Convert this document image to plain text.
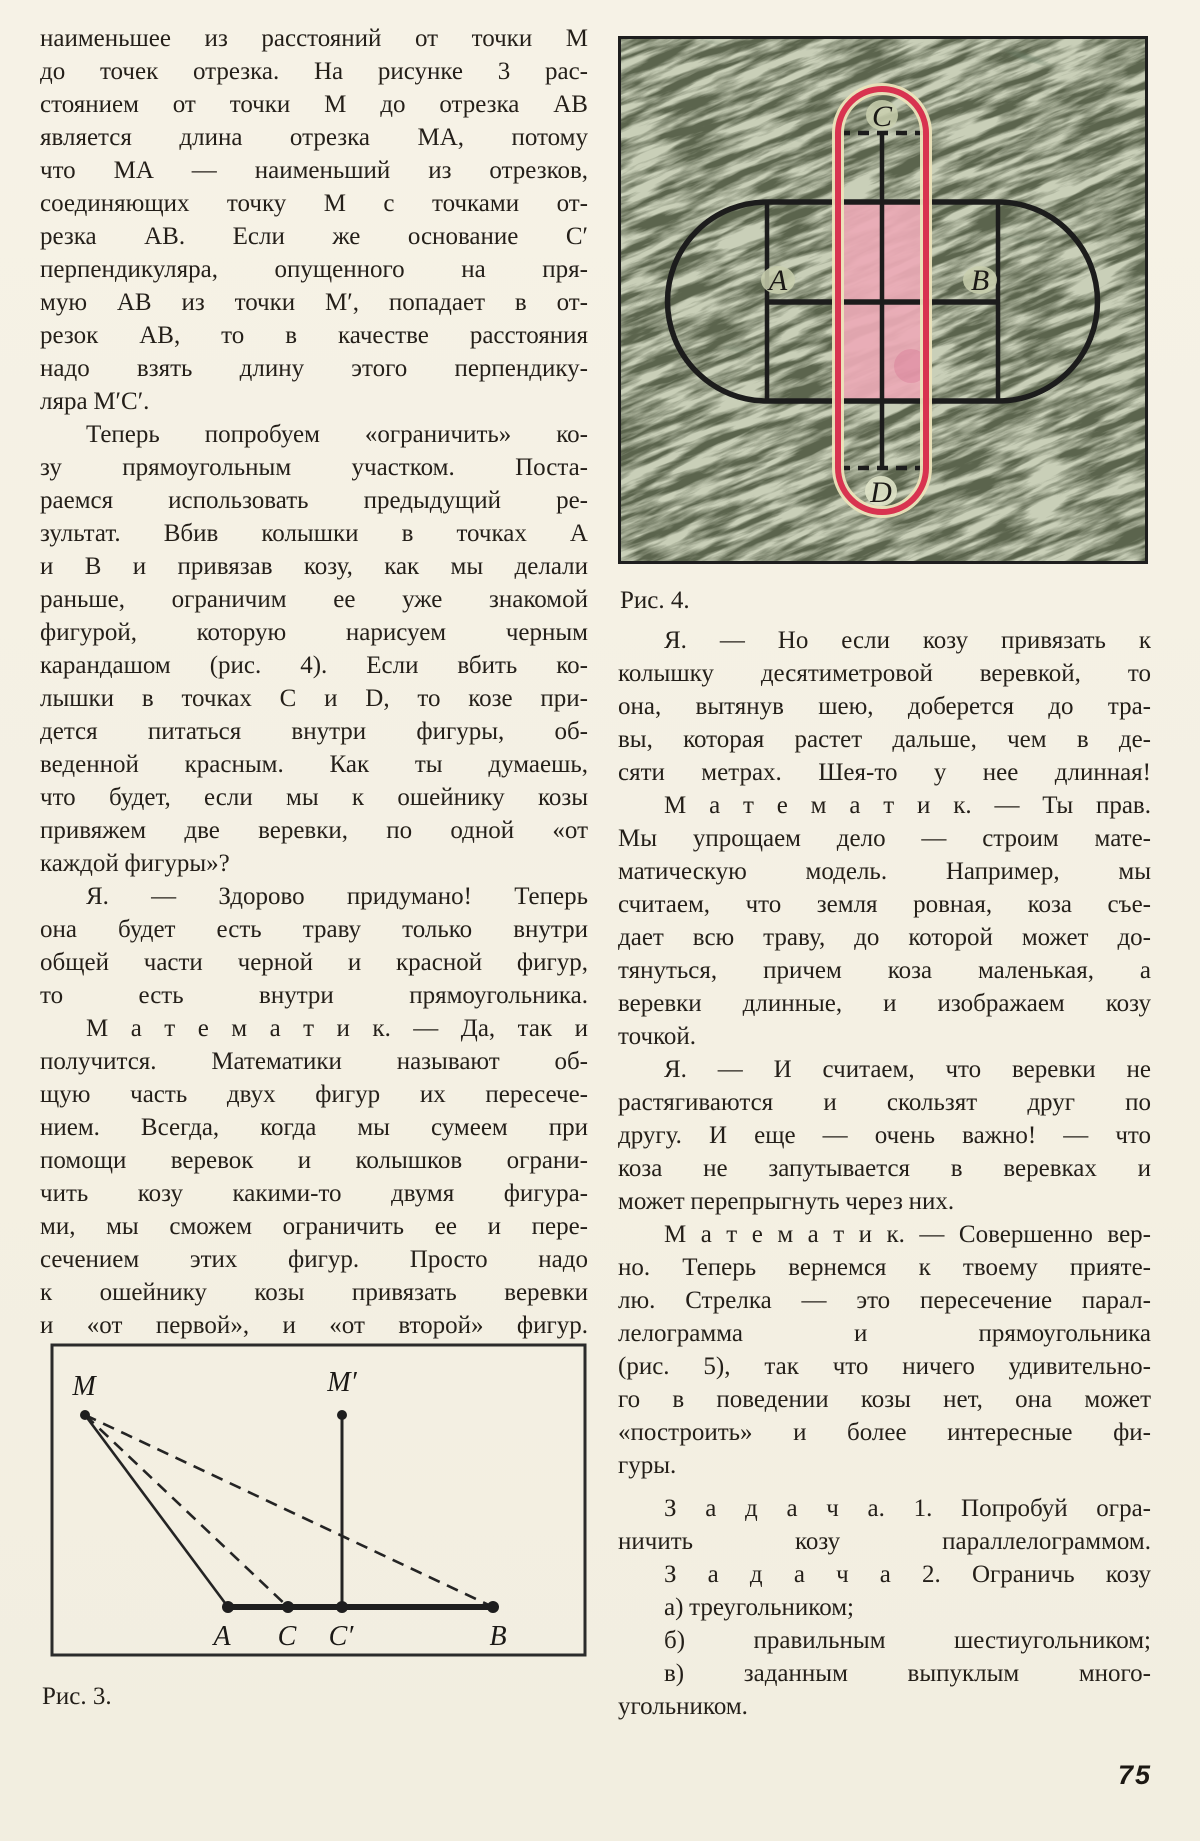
наименьшее из расстояний от точки М
до точек отрезка. На рисунке 3 рас-
стоянием от точки М до отрезка АВ
является длина отрезка МА, потому
что МА — наименьший из отрезков,
соединяющих точку М с точками от-
резка АВ. Если же основание С′
перпендикуляра, опущенного на пря-
мую АВ из точки М′, попадает в от-
резок АВ, то в качестве расстояния
надо взять длину этого перпендику-
ляра М′С′.
Теперь попробуем «ограничить» ко-
зу прямоугольным участком. Поста-
раемся использовать предыдущий ре-
зультат. Вбив колышки в точках А
и В и привязав козу, как мы делали
раньше, ограничим ее уже знакомой
фигурой, которую нарисуем черным
карандашом (рис. 4). Если вбить ко-
лышки в точках С и D, то козе при-
дется питаться внутри фигуры, об-
веденной красным. Как ты думаешь,
что будет, если мы к ошейнику козы
привяжем две веревки, по одной «от
каждой фигуры»?
Я. — Здорово придумано! Теперь
она будет есть траву только внутри
общей части черной и красной фигур,
то есть внутри прямоугольника.
М а т е м а т и к. — Да, так и
получится. Математики называют об-
щую часть двух фигур их пересече-
нием. Всегда, когда мы сумеем при
помощи веревок и колышков ограни-
чить козу какими-то двумя фигура-
ми, мы сможем ограничить ее и пере-
сечением этих фигур. Просто надо
к ошейнику козы привязать веревки
и «от первой», и «от второй» фигур.
A	B
C
D
Рис. 4.
Я. — Но если козу привязать к
колышку десятиметровой веревкой, то
она, вытянув шею, доберется до тра-
вы, которая растет дальше, чем в де-
сяти метрах. Шея-то у нее длинная!
М а т е м а т и к. — Ты прав.
Мы упрощаем дело — строим мате-
матическую модель. Например, мы
считаем, что земля ровная, коза съе-
дает всю траву, до которой может до-
тянуться, причем коза маленькая, а
веревки длинные, и изображаем козу
точкой.
Я. — И считаем, что веревки не
растягиваются и скользят друг по
другу. И еще — очень важно! — что
коза не запутывается в веревках и
может перепрыгнуть через них.
М а т е м а т и к. — Совершенно вер-
но. Теперь вернемся к твоему прияте-
лю. Стрелка — это пересечение парал-
лелограмма и прямоугольника
(рис. 5), так что ничего удивительно-
го в поведении козы нет, она может
«построить» и более интересные фи-
гуры.
З а д а ч а. 1. Попробуй огра-
ничить козу параллелограммом.
З а д а ч а 2. Ограничь козу
а) треугольником;
б) правильным шестиугольником;
в) заданным выпуклым много-
угольником.
M	M′
A C C′	B
Рис. 3.
75
